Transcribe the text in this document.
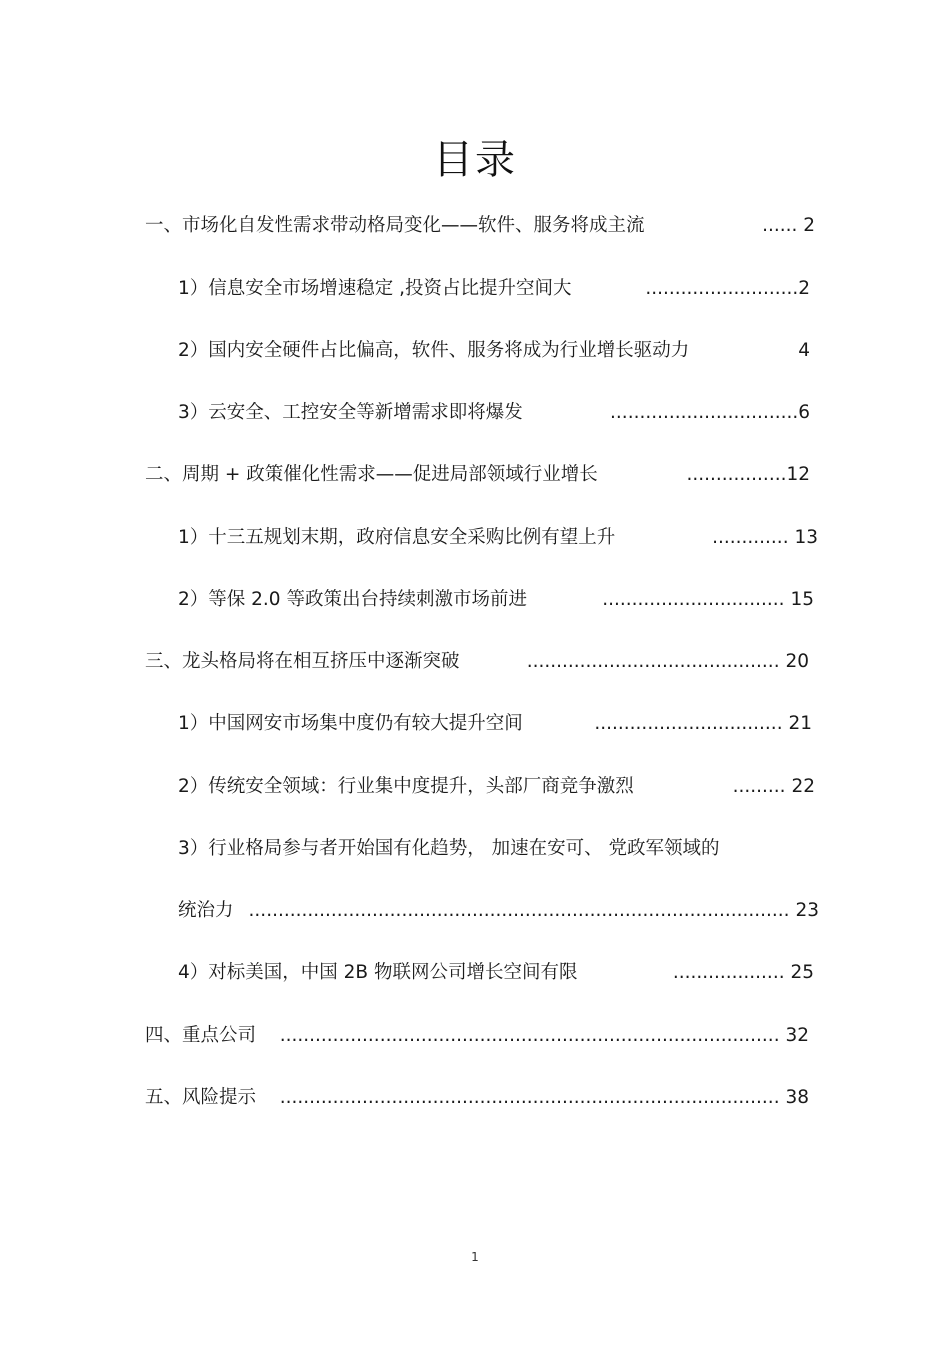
目录
一、市场化自发性需求带动格局变化——软件、服务将成主流	...... 2
1）信息安全市场增速稳定 ,投资占比提升空间大	..........................2
2）国内安全硬件占比偏高，软件、服务将成为行业增长驱动力	4
3）云安全、工控安全等新增需求即将爆发	................................6
二、周期 + 政策催化性需求——促进局部领域行业增长	.................12
1）十三五规划末期，政府信息安全采购比例有望上升	............. 13
2）等保 2.0 等政策出台持续刺激市场前进	............................... 15
三、龙头格局将在相互挤压中逐渐突破	........................................... 20
1）中国网安市场集中度仍有较大提升空间	................................ 21
2）传统安全领域：行业集中度提升，头部厂商竞争激烈	......... 22
3）行业格局参与者开始国有化趋势， 加速在安可、 党政军领域的
统治力 ............................................................................................ 23
4）对标美国，中国 2B 物联网公司增长空间有限	................... 25
四、重点公司 ..................................................................................... 32
五、风险提示 ..................................................................................... 38
1
